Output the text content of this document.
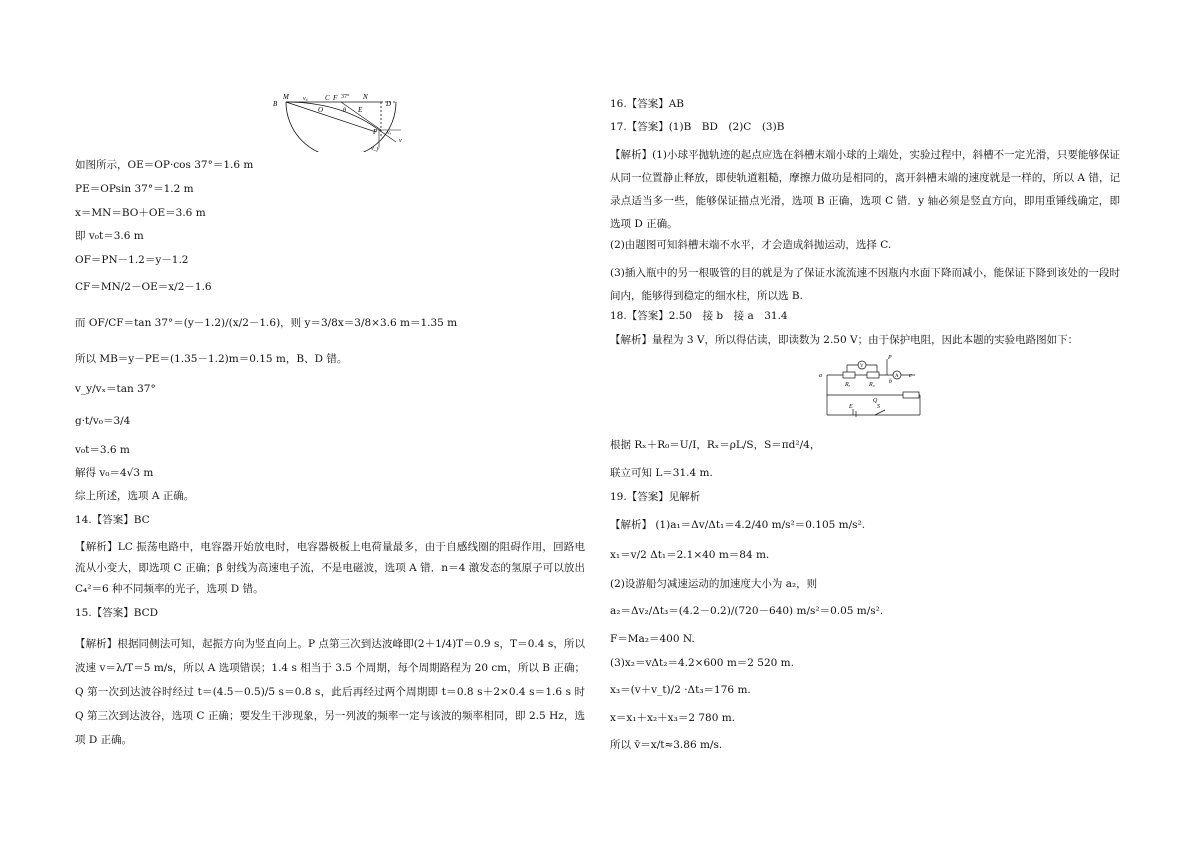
M v₀ C F 37° N
B	D
O	θ E
P vₓ
v_y
v
如图所示，OE＝OP·cos 37°＝1.6 m
PE＝OPsin 37°＝1.2 m
x＝MN＝BO＋OE＝3.6 m
即 v₀t＝3.6 m
OF＝PN－1.2＝y－1.2
CF＝MN/2－OE＝x/2－1.6
而 OF/CF＝tan 37°＝(y－1.2)/(x/2－1.6)，则 y＝3/8x＝3/8×3.6 m＝1.35 m
所以 MB＝y－PE＝(1.35－1.2)m＝0.15 m，B、D 错。
v_y/vₓ＝tan 37°
g·t/v₀＝3/4
v₀t＝3.6 m
解得 v₀＝4√3 m
综上所述，选项 A 正确。
14.【答案】BC
【解析】LC 振荡电路中，电容器开始放电时，电容器极板上电荷量最多，由于自感线圈的阻碍作用，回路电流从小变大，即选项 C 正确；β 射线为高速电子流，不是电磁波，选项 A 错．n＝4 激发态的氢原子可以放出 C₄²＝6 种不同频率的光子，选项 D 错。
15.【答案】BCD
【解析】根据同侧法可知，起振方向为竖直向上。P 点第三次到达波峰即(2＋1/4)T＝0.9 s，T＝0.4 s，所以波速 v＝λ/T＝5 m/s，所以 A 选项错误；1.4 s 相当于 3.5 个周期，每个周期路程为 20 cm，所以 B 正确；Q 第一次到达波谷时经过 t＝(4.5－0.5)/5 s＝0.8 s，此后再经过两个周期即 t＝0.8 s＋2×0.4 s＝1.6 s 时 Q 第三次到达波谷，选项 C 正确；要发生干涉现象，另一列波的频率一定与该波的频率相同，即 2.5 Hz，选项 D 正确。
16.【答案】AB
17.【答案】(1)B　BD　(2)C　(3)B
【解析】(1)小球平抛轨迹的起点应选在斜槽末端小球的上端处，实验过程中，斜槽不一定光滑，只要能够保证从同一位置静止释放，即使轨道粗糙，摩擦力做功是相同的，离开斜槽末端的速度就是一样的，所以 A 错，记录点适当多一些，能够保证描点光滑，选项 B 正确，选项 C 错．y 轴必须是竖直方向，即用重锤线确定，即选项 D 正确。
(2)由题图可知斜槽末端不水平，才会造成斜抛运动，选择 C.
(3)插入瓶中的另一根吸管的目的就是为了保证水流流速不因瓶内水面下降而减小，能保证下降到该处的一段时间内，能够得到稳定的细水柱，所以选 B.
18.【答案】2.50　接 b　接 a　31.4
【解析】量程为 3 V，所以得估读，即读数为 2.50 V；由于保护电阻，因此本题的实验电路图如下：
V
A
P
a
b
c
Rₓ	R₀
Q
E	S
根据 Rₓ＋R₀＝U/I，Rₓ＝ρL/S，S＝πd²/4，
联立可知 L＝31.4 m.
19.【答案】见解析
【解析】 (1)a₁＝Δv/Δt₁＝4.2/40 m/s²＝0.105 m/s².
x₁＝v/2 Δt₁＝2.1×40 m＝84 m.
(2)设游船匀减速运动的加速度大小为 a₂，则
a₂＝Δv₂/Δt₃＝(4.2－0.2)/(720－640) m/s²＝0.05 m/s².
F＝Ma₂＝400 N.
(3)x₂＝vΔt₂＝4.2×600 m＝2 520 m.
x₃＝(v＋v_t)/2 ·Δt₃＝176 m.
x＝x₁＋x₂＋x₃＝2 780 m.
所以 v̄＝x/t≈3.86 m/s.
